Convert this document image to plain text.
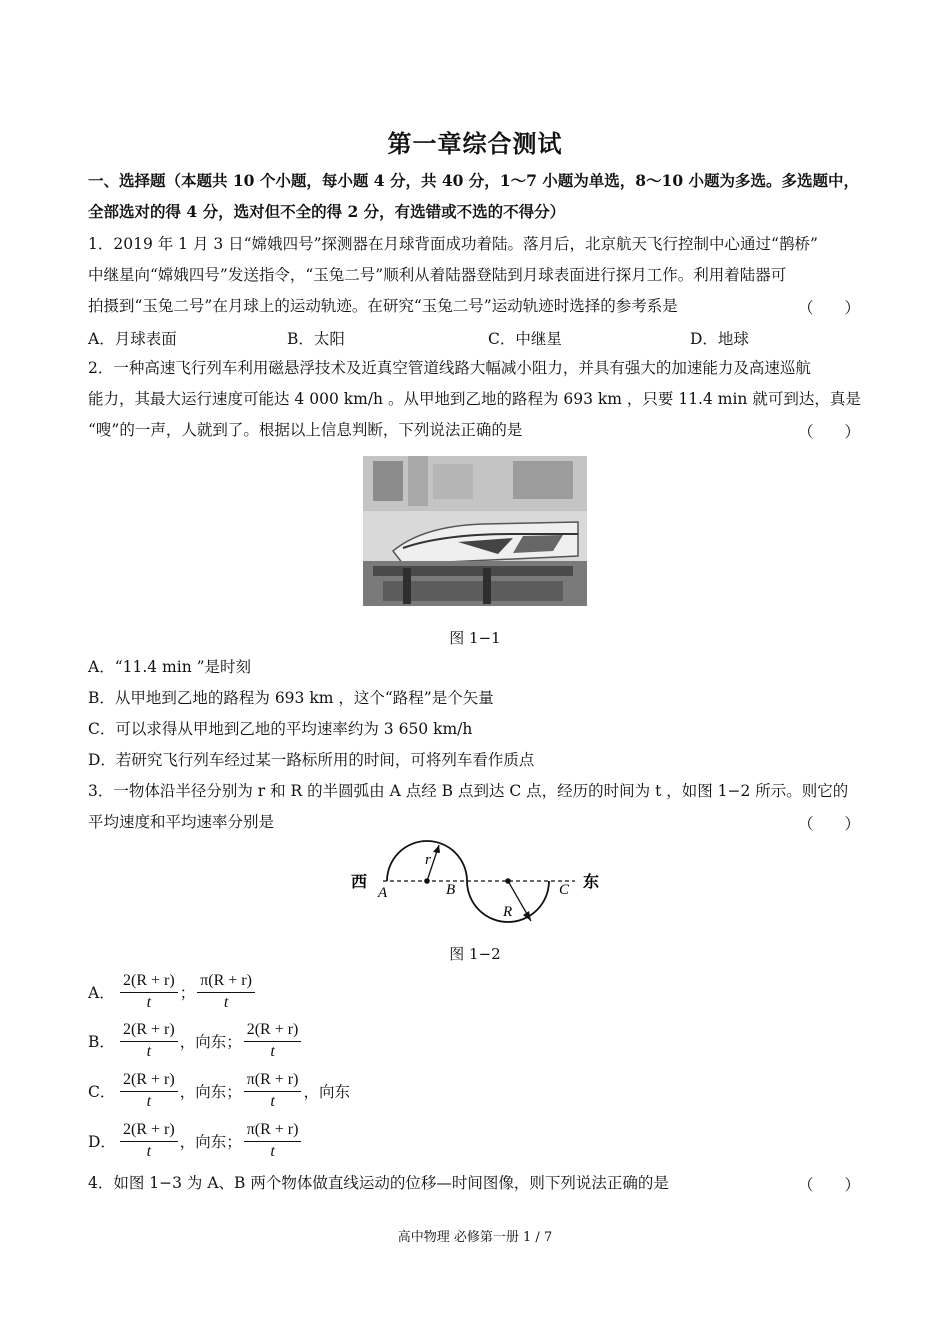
第一章综合测试
一、选择题（本题共 10 个小题，每小题 4 分，共 40 分，1～7 小题为单选，8～10 小题为多选。多选题中，
全部选对的得 4 分，选对但不全的得 2 分，有选错或不选的不得分）
1．2019 年 1 月 3 日“嫦娥四号”探测器在月球背面成功着陆。落月后，北京航天飞行控制中心通过“鹊桥”
中继星向“嫦娥四号”发送指令，“玉兔二号”顺利从着陆器登陆到月球表面进行探月工作。利用着陆器可
拍摄到“玉兔二号”在月球上的运动轨迹。在研究“玉兔二号”运动轨迹时选择的参考系是	（　　）
A．月球表面	B．太阳	C．中继星	D．地球
2．一种高速飞行列车利用磁悬浮技术及近真空管道线路大幅减小阻力，并具有强大的加速能力及高速巡航
能力，其最大运行速度可能达 4 000 km/h 。从甲地到乙地的路程为 693 km ，只要 11.4 min 就可到达，真是
“嗖”的一声，人就到了。根据以上信息判断，下列说法正确的是	（　　）
图 1−1
A．“11.4 min ”是时刻
B．从甲地到乙地的路程为 693 km ，这个“路程”是个矢量
C．可以求得从甲地到乙地的平均速率约为 3 650 km/h
D．若研究飞行列车经过某一路标所用的时间，可将列车看作质点
3．一物体沿半径分别为 r 和 R 的半圆弧由 A 点经 B 点到达 C 点，经历的时间为 t ，如图 1−2 所示。则它的
平均速度和平均速率分别是	（　　）
西	东
A	B	C
r
R
图 1−2
A． $\frac{2(R + r)}{t}$ ； $\frac{\pi(R + r)}{t}$
B． $\frac{2(R + r)}{t}$ ，向东； $\frac{2(R + r)}{t}$
C． $\frac{2(R + r)}{t}$ ，向东； $\frac{\pi(R + r)}{t}$ ，向东
D． $\frac{2(R + r)}{t}$ ，向东； $\frac{\pi(R + r)}{t}$
4．如图 1−3 为 A、B 两个物体做直线运动的位移—时间图像，则下列说法正确的是	（　　）
高中物理 必修第一册 1 / 7
